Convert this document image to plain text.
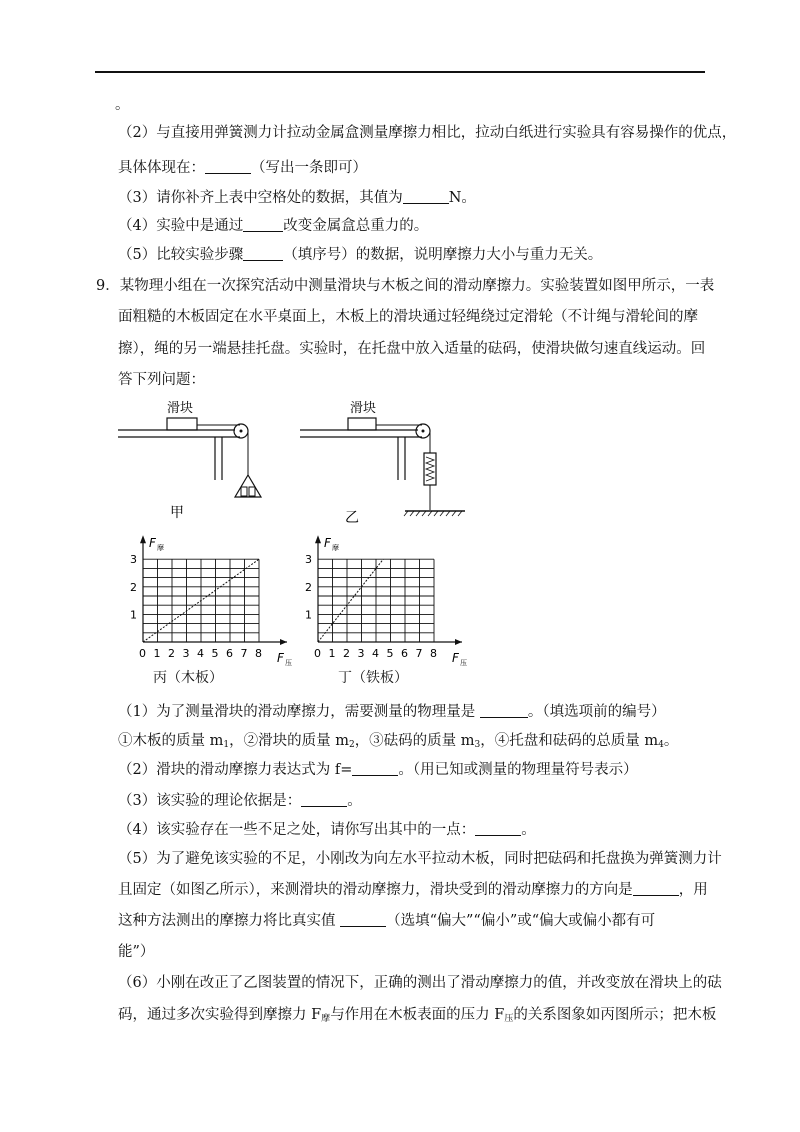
。
（2）与直接用弹簧测力计拉动金属盒测量摩擦力相比，拉动白纸进行实验具有容易操作的优点，
具体体现在：	（写出一条即可）
（3）请你补齐上表中空格处的数据，其值为	N。
（4）实验中是通过	改变金属盒总重力的。
（5）比较实验步骤	（填序号）的数据，说明摩擦力大小与重力无关。
9．某物理小组在一次探究活动中测量滑块与木板之间的滑动摩擦力。实验装置如图甲所示，一表
面粗糙的木板固定在水平桌面上，木板上的滑块通过轻绳绕过定滑轮（不计绳与滑轮间的摩
擦），绳的另一端悬挂托盘。实验时，在托盘中放入适量的砝码，使滑块做匀速直线运动。回
答下列问题：
滑块
甲
滑块
乙
F 摩
F 压
3
2
1
0 1 2 3 4 5 6 7 8
F 摩
F 压
3
2
1
0 1 2 3 4 5 6 7 8
丙（木板）	丁（铁板）
（1）为了测量滑块的滑动摩擦力，需要测量的物理量是	。（填选项前的编号）
①木板的质量 $m_1$，②滑块的质量 $m_2$，③砝码的质量 $m_3$，④托盘和砝码的总质量 $m_4$。
（2）滑块的滑动摩擦力表达式为 f=	。（用已知或测量的物理量符号表示）
（3）该实验的理论依据是：	。
（4）该实验存在一些不足之处，请你写出其中的一点：	。
（5）为了避免该实验的不足，小刚改为向左水平拉动木板，同时把砝码和托盘换为弹簧测力计
且固定（如图乙所示），来测滑块的滑动摩擦力，滑块受到的滑动摩擦力的方向是	，用
这种方法测出的摩擦力将比真实值	（选填“偏大”“偏小”或“偏大或偏小都有可
能”）
（6）小刚在改正了乙图装置的情况下，正确的测出了滑动摩擦力的值，并改变放在滑块上的砝
码，通过多次实验得到摩擦力 $F_摩$与作用在木板表面的压力 $F_压$的关系图象如丙图所示；把木板
